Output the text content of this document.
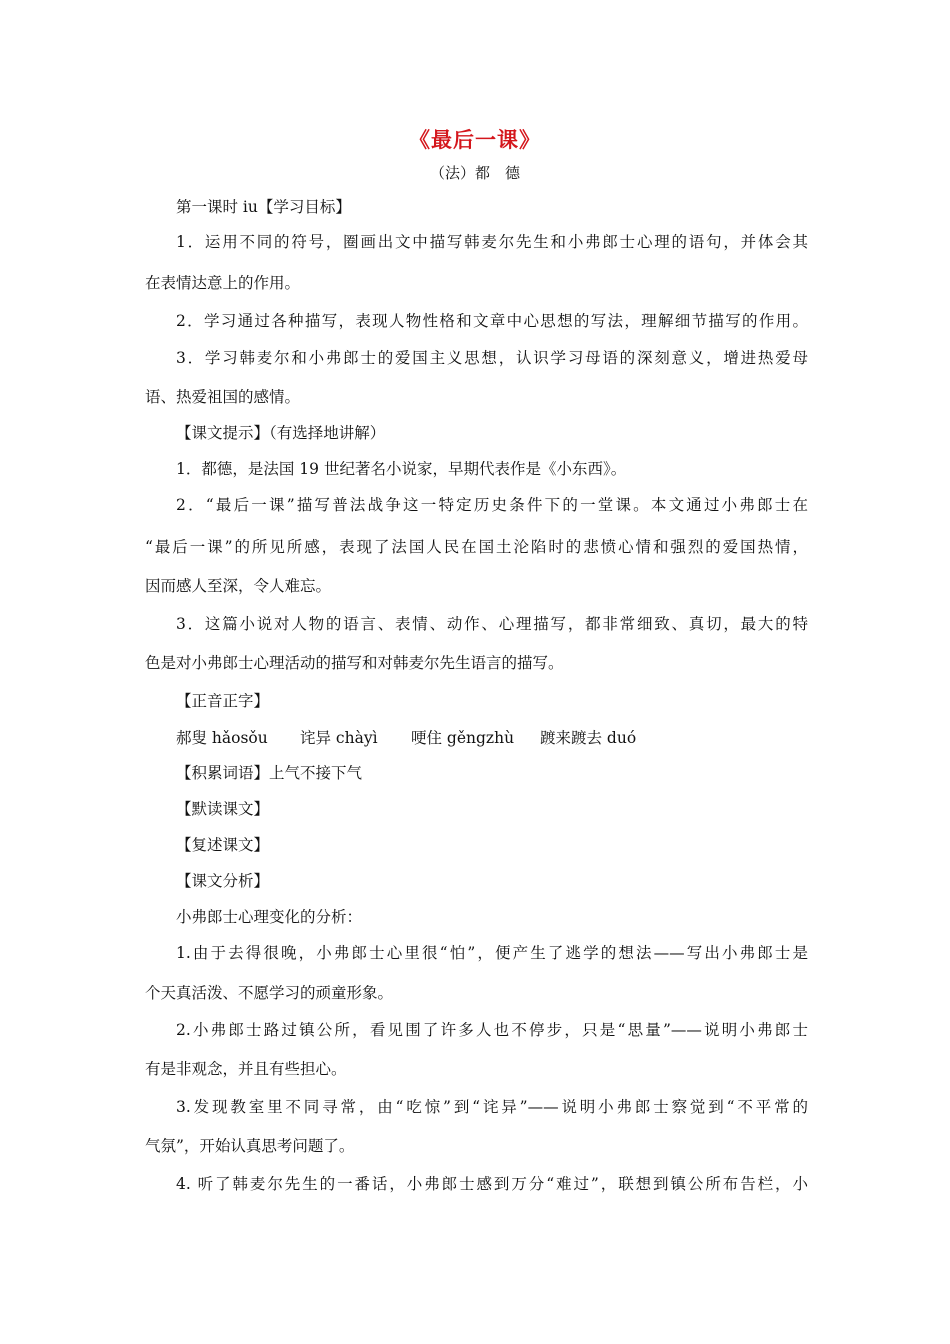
《最后一课》
（法）都　德
第一课时 iu【学习目标】
1．运用不同的符号，圈画出文中描写韩麦尔先生和小弗郎士心理的语句，并体会其
在表情达意上的作用。
2．学习通过各种描写，表现人物性格和文章中心思想的写法，理解细节描写的作用。
3．学习韩麦尔和小弗郎士的爱国主义思想，认识学习母语的深刻意义，增进热爱母
语、热爱祖国的感情。
【课文提示】（有选择地讲解）
1．都德，是法国 19 世纪著名小说家，早期代表作是《小东西》。
2．“最后一课”描写普法战争这一特定历史条件下的一堂课。本文通过小弗郎士在
“最后一课”的所见所感，表现了法国人民在国土沦陷时的悲愤心情和强烈的爱国热情，
因而感人至深，令人难忘。
3．这篇小说对人物的语言、表情、动作、心理描写，都非常细致、真切，最大的特
色是对小弗郎士心理活动的描写和对韩麦尔先生语言的描写。
【正音正字】
郝叟 hǎosǒu 诧异 chàyì 哽住 gěngzhù 踱来踱去 duó
【积累词语】上气不接下气
【默读课文】
【复述课文】
【课文分析】
小弗郎士心理变化的分析：
1.由于去得很晚，小弗郎士心里很“怕”，便产生了逃学的想法——写出小弗郎士是
个天真活泼、不愿学习的顽童形象。
2.小弗郎士路过镇公所，看见围了许多人也不停步，只是“思量”——说明小弗郎士
有是非观念，并且有些担心。
3.发现教室里不同寻常，由“吃惊”到“诧异”——说明小弗郎士察觉到“不平常的
气氛”，开始认真思考问题了。
4. 听了韩麦尔先生的一番话，小弗郎士感到万分“难过”，联想到镇公所布告栏，小
